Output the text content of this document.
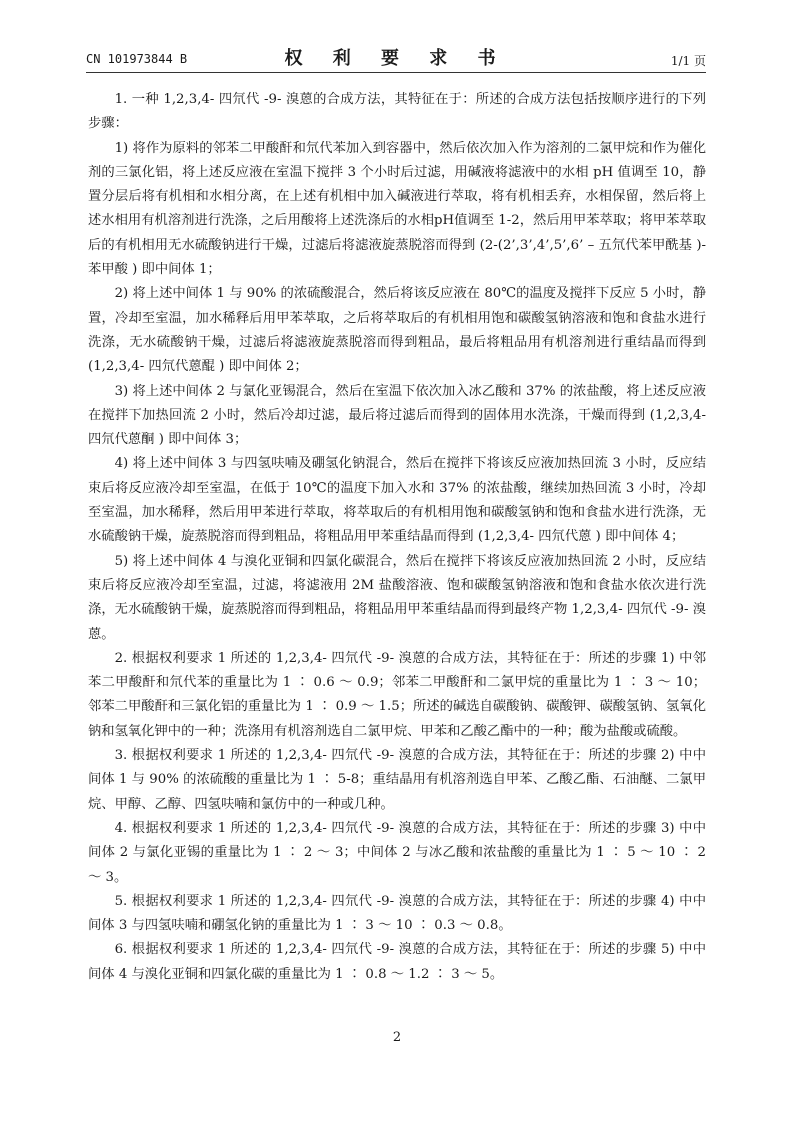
CN 101973844 B	权 利 要 求 书	1/1 页

1. 一种 1,2,3,4- 四氘代 -9- 溴蒽的合成方法，其特征在于：所述的合成方法包括按顺序进行的下列步骤：

1) 将作为原料的邻苯二甲酸酐和氘代苯加入到容器中，然后依次加入作为溶剂的二氯甲烷和作为催化剂的三氯化铝，将上述反应液在室温下搅拌 3 个小时后过滤，用碱液将滤液中的水相 pH 值调至 10，静置分层后将有机相和水相分离，在上述有机相中加入碱液进行萃取，将有机相丢弃，水相保留，然后将上述水相用有机溶剂进行洗涤，之后用酸将上述洗涤后的水相pH值调至 1-2，然后用甲苯萃取；将甲苯萃取后的有机相用无水硫酸钠进行干燥，过滤后将滤液旋蒸脱溶而得到 (2-(2’,3’,4’,5’,6’ – 五氘代苯甲酰基 )- 苯甲酸 ) 即中间体 1；

2) 将上述中间体 1 与 90% 的浓硫酸混合，然后将该反应液在 80℃的温度及搅拌下反应 5 小时，静置，冷却至室温，加水稀释后用甲苯萃取，之后将萃取后的有机相用饱和碳酸氢钠溶液和饱和食盐水进行洗涤，无水硫酸钠干燥，过滤后将滤液旋蒸脱溶而得到粗品，最后将粗品用有机溶剂进行重结晶而得到 (1,2,3,4- 四氘代蒽醌 ) 即中间体 2；

3) 将上述中间体 2 与氯化亚锡混合，然后在室温下依次加入冰乙酸和 37% 的浓盐酸，将上述反应液在搅拌下加热回流 2 小时，然后冷却过滤，最后将过滤后而得到的固体用水洗涤，干燥而得到 (1,2,3,4- 四氘代蒽酮 ) 即中间体 3；

4) 将上述中间体 3 与四氢呋喃及硼氢化钠混合，然后在搅拌下将该反应液加热回流 3 小时，反应结束后将反应液冷却至室温，在低于 10℃的温度下加入水和 37% 的浓盐酸，继续加热回流 3 小时，冷却至室温，加水稀释，然后用甲苯进行萃取，将萃取后的有机相用饱和碳酸氢钠和饱和食盐水进行洗涤，无水硫酸钠干燥，旋蒸脱溶而得到粗品，将粗品用甲苯重结晶而得到 (1,2,3,4- 四氘代蒽 ) 即中间体 4；

5) 将上述中间体 4 与溴化亚铜和四氯化碳混合，然后在搅拌下将该反应液加热回流 2 小时，反应结束后将反应液冷却至室温，过滤，将滤液用 2M 盐酸溶液、饱和碳酸氢钠溶液和饱和食盐水依次进行洗涤，无水硫酸钠干燥，旋蒸脱溶而得到粗品，将粗品用甲苯重结晶而得到最终产物 1,2,3,4- 四氘代 -9- 溴蒽。

2. 根据权利要求 1 所述的 1,2,3,4- 四氘代 -9- 溴蒽的合成方法，其特征在于：所述的步骤 1) 中邻苯二甲酸酐和氘代苯的重量比为 1 ∶ 0.6 ～ 0.9；邻苯二甲酸酐和二氯甲烷的重量比为 1 ∶ 3 ～ 10；邻苯二甲酸酐和三氯化铝的重量比为 1 ∶ 0.9 ～ 1.5；所述的碱选自碳酸钠、碳酸钾、碳酸氢钠、氢氧化钠和氢氧化钾中的一种；洗涤用有机溶剂选自二氯甲烷、甲苯和乙酸乙酯中的一种；酸为盐酸或硫酸。

3. 根据权利要求 1 所述的 1,2,3,4- 四氘代 -9- 溴蒽的合成方法，其特征在于：所述的步骤 2) 中中间体 1 与 90% 的浓硫酸的重量比为 1 ∶ 5-8；重结晶用有机溶剂选自甲苯、乙酸乙酯、石油醚、二氯甲烷、甲醇、乙醇、四氢呋喃和氯仿中的一种或几种。

4. 根据权利要求 1 所述的 1,2,3,4- 四氘代 -9- 溴蒽的合成方法，其特征在于：所述的步骤 3) 中中间体 2 与氯化亚锡的重量比为 1 ∶ 2 ～ 3；中间体 2 与冰乙酸和浓盐酸的重量比为 1 ∶ 5 ～ 10 ∶ 2 ～ 3。

5. 根据权利要求 1 所述的 1,2,3,4- 四氘代 -9- 溴蒽的合成方法，其特征在于：所述的步骤 4) 中中间体 3 与四氢呋喃和硼氢化钠的重量比为 1 ∶ 3 ～ 10 ∶ 0.3 ～ 0.8。

6. 根据权利要求 1 所述的 1,2,3,4- 四氘代 -9- 溴蒽的合成方法，其特征在于：所述的步骤 5) 中中间体 4 与溴化亚铜和四氯化碳的重量比为 1 ∶ 0.8 ～ 1.2 ∶ 3 ～ 5。

2
